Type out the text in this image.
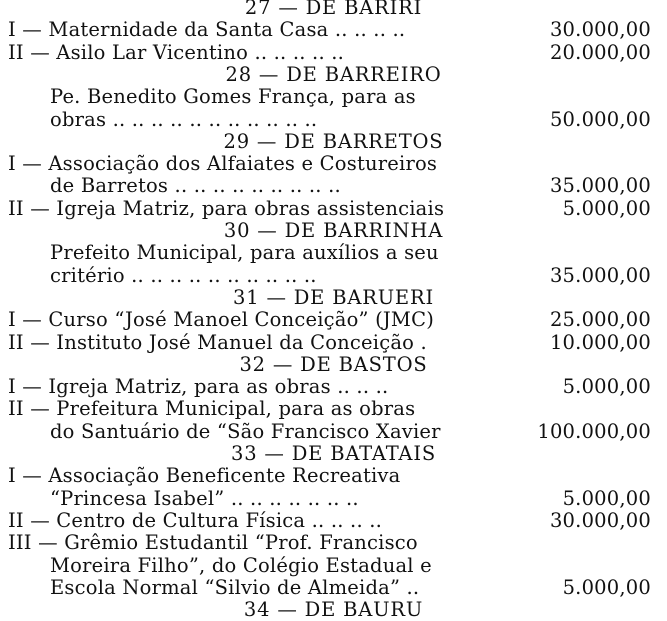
27 — DE BARIRI
I — Maternidade da Santa Casa .. .. .. ..	30.000,00
II — Asilo Lar Vicentino .. .. .. .. ..	20.000,00
28 — DE BARREIRO
Pe. Benedito Gomes França, para as
obras .. .. .. .. .. .. .. .. .. .. ..	50.000,00
29 — DE BARRETOS
I — Associação dos Alfaiates e Costureiros
de Barretos .. .. .. .. .. .. .. .. ..	35.000,00
II — Igreja Matriz, para obras assistenciais	5.000,00
30 — DE BARRINHA
Prefeito Municipal, para auxílios a seu
critério .. .. .. .. .. .. .. .. .. ..	35.000,00
31 — DE BARUERI
I — Curso “José Manoel Conceição” (JMC)	25.000,00
II — Instituto José Manuel da Conceição .	10.000,00
32 — DE BASTOS
I — Igreja Matriz, para as obras .. .. ..	5.000,00
II — Prefeitura Municipal, para as obras
do Santuário de “São Francisco Xavier	100.000,00
33 — DE BATATAIS
I — Associação Beneficente Recreativa
“Princesa Isabel” .. .. .. .. .. .. ..	5.000,00
II — Centro de Cultura Física .. .. .. ..	30.000,00
III — Grêmio Estudantil “Prof. Francisco
Moreira Filho”, do Colégio Estadual e
Escola Normal “Silvio de Almeida” ..	5.000,00
34 — DE BAURU
